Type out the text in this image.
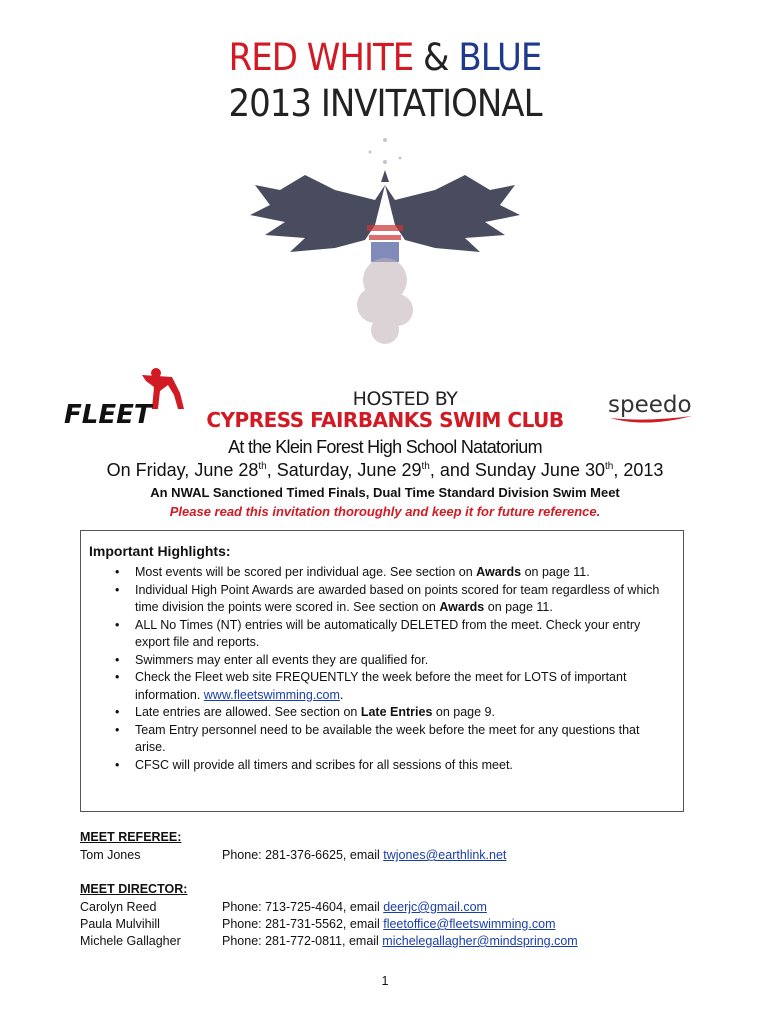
RED WHITE & BLUE
2013 INVITATIONAL
FLEET	speedo
HOSTED BY
CYPRESS FAIRBANKS SWIM CLUB
At the Klein Forest High School Natatorium
On Friday, June 28th, Saturday, June 29th, and Sunday June 30th, 2013
An NWAL Sanctioned Timed Finals, Dual Time Standard Division Swim Meet
Please read this invitation thoroughly and keep it for future reference.
Important Highlights:
• Most events will be scored per individual age. See section on Awards on page 11.
• Individual High Point Awards are awarded based on points scored for team regardless of which
time division the points were scored in. See section on Awards on page 11.
• ALL No Times (NT) entries will be automatically DELETED from the meet. Check your entry
export file and reports.
• Swimmers may enter all events they are qualified for.
• Check the Fleet web site FREQUENTLY the week before the meet for LOTS of important
information. www.fleetswimming.com.
• Late entries are allowed. See section on Late Entries on page 9.
• Team Entry personnel need to be available the week before the meet for any questions that
arise.
• CFSC will provide all timers and scribes for all sessions of this meet.
MEET REFEREE:
Tom Jones	Phone: 281-376-6625, email twjones@earthlink.net
MEET DIRECTOR:
Carolyn Reed	Phone: 713-725-4604, email deerjc@gmail.com
Paula Mulvihill	Phone: 281-731-5562, email fleetoffice@fleetswimming.com
Michele Gallagher	Phone: 281-772-0811, email michelegallagher@mindspring.com
1
